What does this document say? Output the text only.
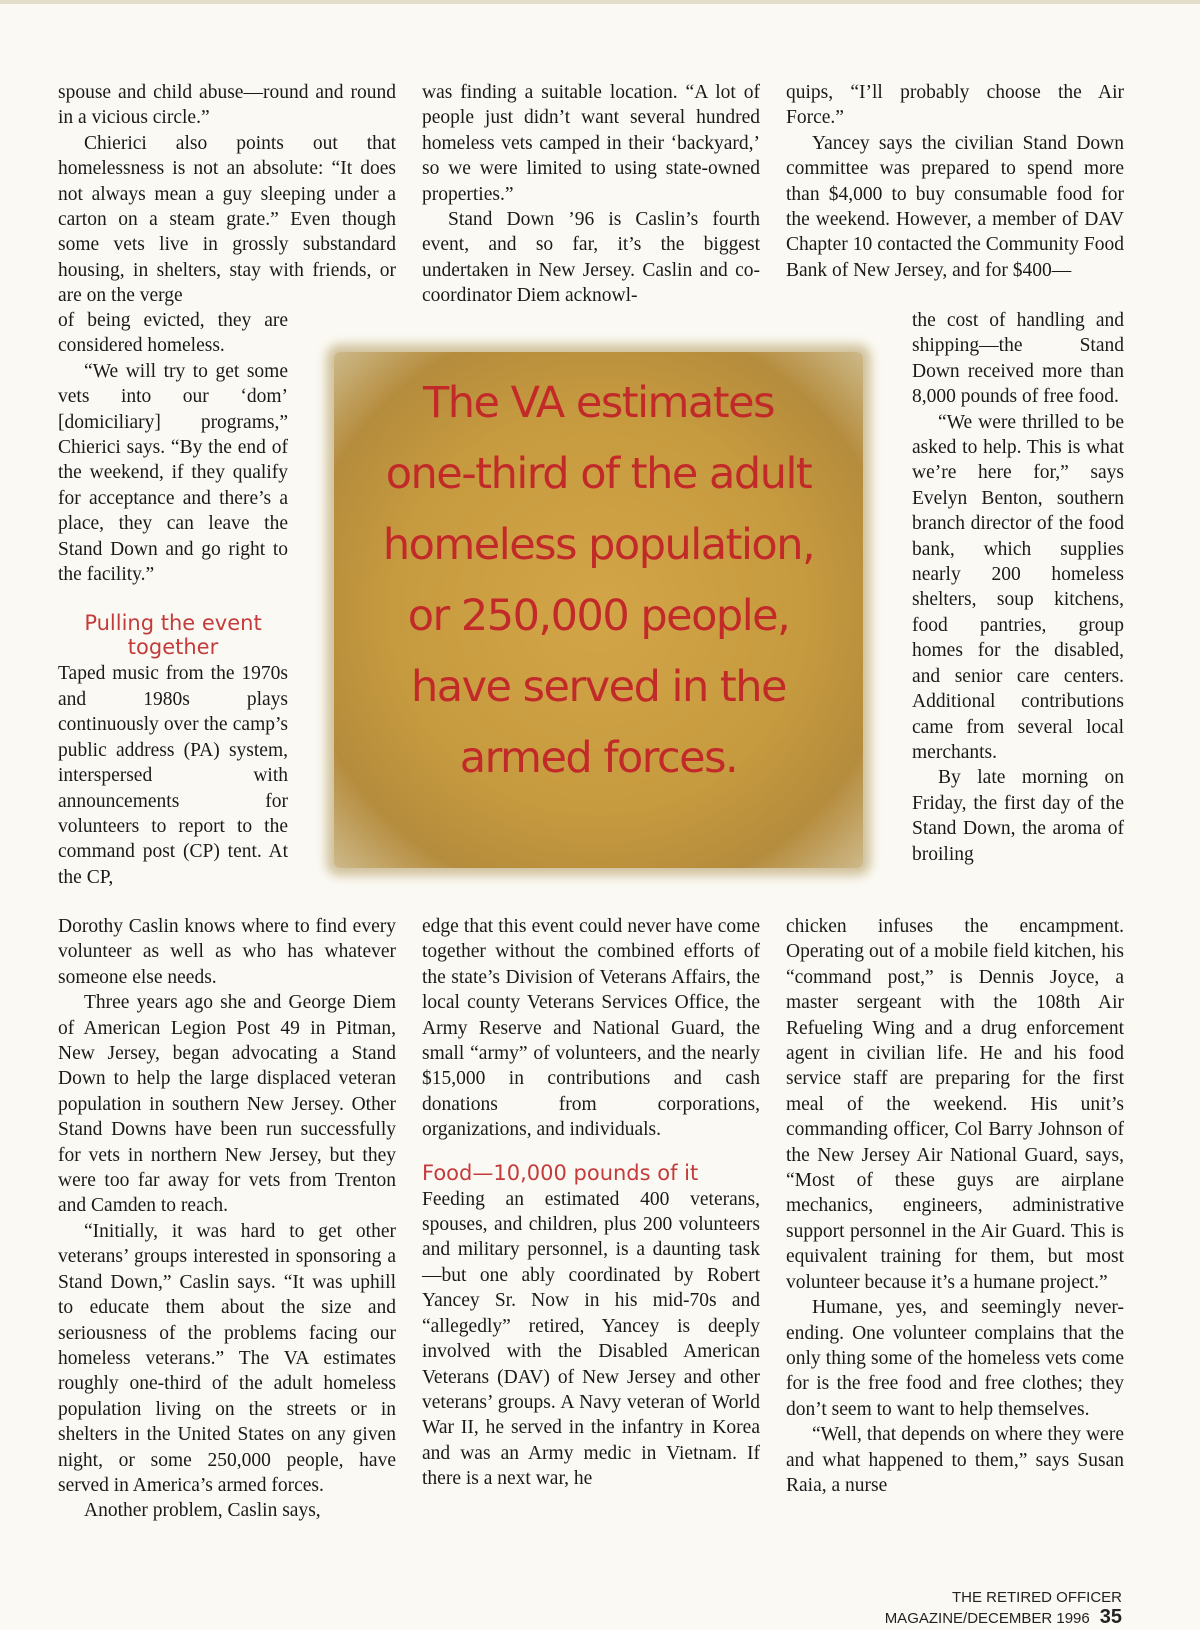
spouse and child abuse—round and round in a vicious circle.”

Chierici also points out that homelessness is not an absolute: “It does not always mean a guy sleeping under a carton on a steam grate.” Even though some vets live in grossly substandard housing, in shelters, stay with friends, or are on the verge

of being evicted, they are considered homeless.

“We will try to get some vets into our ‘dom’ [domiciliary] programs,” Chierici says. “By the end of the weekend, if they qualify for acceptance and there’s a place, they can leave the Stand Down and go right to the facility.”

Pulling the event together

Taped music from the 1970s and 1980s plays continuously over the camp’s public address (PA) system, interspersed with announcements for volunteers to report to the command post (CP) tent. At the CP,

Dorothy Caslin knows where to find every volunteer as well as who has whatever someone else needs.

Three years ago she and George Diem of American Legion Post 49 in Pitman, New Jersey, began advocating a Stand Down to help the large displaced veteran population in southern New Jersey. Other Stand Downs have been run successfully for vets in northern New Jersey, but they were too far away for vets from Trenton and Camden to reach.

“Initially, it was hard to get other veterans’ groups interested in sponsoring a Stand Down,” Caslin says. “It was uphill to educate them about the size and seriousness of the problems facing our homeless veterans.” The VA estimates roughly one-third of the adult homeless population living on the streets or in shelters in the United States on any given night, or some 250,000 people, have served in America’s armed forces.

Another problem, Caslin says,

was finding a suitable location. “A lot of people just didn’t want several hundred homeless vets camped in their ‘backyard,’ so we were limited to using state-owned properties.”

Stand Down ’96 is Caslin’s fourth event, and so far, it’s the biggest undertaken in New Jersey. Caslin and co-coordinator Diem acknowl-

edge that this event could never have come together without the combined efforts of the state’s Division of Veterans Affairs, the local county Veterans Services Office, the Army Reserve and National Guard, the small “army” of volunteers, and the nearly $15,000 in contributions and cash donations from corporations, organizations, and individuals.

Food—10,000 pounds of it

Feeding an estimated 400 veterans, spouses, and children, plus 200 volunteers and military personnel, is a daunting task—but one ably coordinated by Robert Yancey Sr. Now in his mid-70s and “allegedly” retired, Yancey is deeply involved with the Disabled American Veterans (DAV) of New Jersey and other veterans’ groups. A Navy veteran of World War II, he served in the infantry in Korea and was an Army medic in Vietnam. If there is a next war, he

quips, “I’ll probably choose the Air Force.”

Yancey says the civilian Stand Down committee was prepared to spend more than $4,000 to buy consumable food for the weekend. However, a member of DAV Chapter 10 contacted the Community Food Bank of New Jersey, and for $400—

the cost of handling and shipping—the Stand Down received more than 8,000 pounds of free food.

“We were thrilled to be asked to help. This is what we’re here for,” says Evelyn Benton, southern branch director of the food bank, which supplies nearly 200 homeless shelters, soup kitchens, food pantries, group homes for the disabled, and senior care centers. Additional contributions came from several local merchants.

By late morning on Friday, the first day of the Stand Down, the aroma of broiling

chicken infuses the encampment. Operating out of a mobile field kitchen, his “command post,” is Dennis Joyce, a master sergeant with the 108th Air Refueling Wing and a drug enforcement agent in civilian life. He and his food service staff are preparing for the first meal of the weekend. His unit’s commanding officer, Col Barry Johnson of the New Jersey Air National Guard, says, “Most of these guys are airplane mechanics, engineers, administrative support personnel in the Air Guard. This is equivalent training for them, but most volunteer because it’s a humane project.”

Humane, yes, and seemingly never-ending. One volunteer complains that the only thing some of the homeless vets come for is the free food and free clothes; they don’t seem to want to help themselves.

“Well, that depends on where they were and what happened to them,” says Susan Raia, a nurse

The VA estimates
one-third of the adult
homeless population,
or 250,000 people,
have served in the
armed forces.
THE RETIRED OFFICER MAGAZINE/DECEMBER 1996 35
